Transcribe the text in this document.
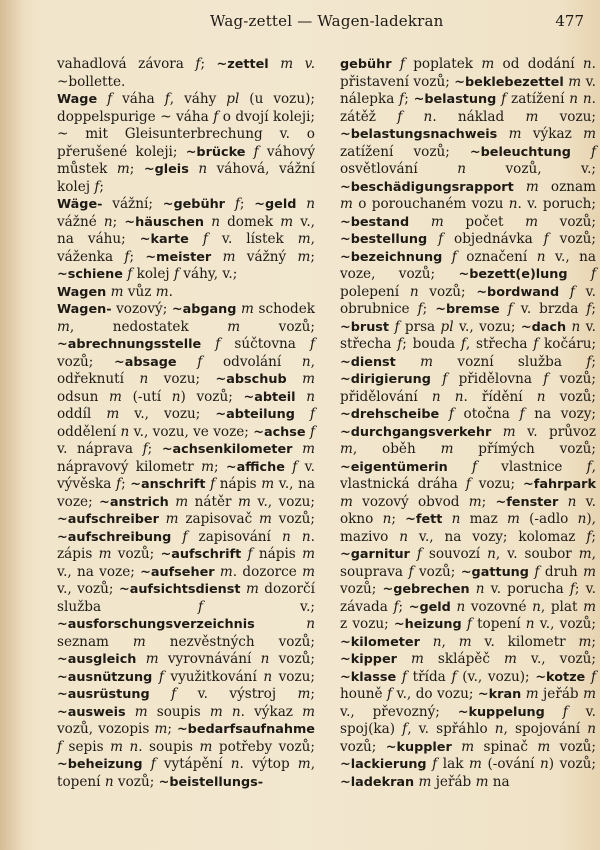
Wag-zettel — Wagen-ladekran	477

vahadlová závora f; ~zettel m v. ~bollette.

Wage f váha f, váhy pl (u vozu); doppelspurige ~ váha f o dvojí koleji; ~ mit Gleisunterbrechung v. o přerušené koleji; ~brücke f váhový můstek m; ~gleis n váhová, vážní kolej f;

Wäge- vážní; ~gebühr f; ~geld n vážné n; ~häuschen n domek m v., na váhu; ~karte f v. lístek m, váženka f; ~meister m vážný m; ~schiene f kolej f váhy, v.;

Wagen m vůz m.

Wagen- vozový; ~abgang m schodek m, nedostatek m vozů; ~abrechnungsstelle f súčtovna f vozů; ~absage f odvolání n, odřeknutí n vozu; ~abschub m odsun m (-utí n) vozů; ~abteil n oddíl m v., vozu; ~abteilung f oddělení n v., vozu, ve voze; ~achse f v. náprava f; ~achsenkilometer m nápravový kilometr m; ~affiche f v. vývěska f; ~anschrift f nápis m v., na voze; ~anstrich m nátěr m v., vozu; ~aufschreiber m zapisovač m vozů; ~aufschreibung f zapisování n n. zápis m vozů; ~aufschrift f nápis m v., na voze; ~aufseher m. dozorce m v., vozů; ~aufsichtsdienst m dozorčí služba f v.; ~ausforschungsverzeichnis	n seznam m nezvěstných vozů; ~ausgleich m vyrovnávání n vozů; ~ausnützung f využitkování n vozu; ~ausrüstung f v. výstroj m; ~ausweis m soupis m n. výkaz m vozů, vozopis m; ~bedarfsaufnahme f sepis m n. soupis m potřeby vozů; ~beheizung f vytápění n. výtop m, topení n vozů; ~beistellungs-

gebühr f poplatek m od dodání n. přistavení vozů; ~beklebezettel m v. nálepka f; ~belastung f zatížení n n. zátěž f n. náklad m vozu; ~belastungsnachweis m výkaz m zatížení vozů; ~beleuchtung f osvětlování n vozů, v.; ~beschädigungsrapport m oznam m o porouchaném vozu n. v. poruch; ~bestand m počet m vozů; ~bestellung f objednávka f vozů; ~bezeichnung f označení n v., na voze, vozů; ~bezett(e)lung f polepení n vozů; ~bordwand f v. obrubnice f; ~bremse f v. brzda f; ~brust f prsa pl v., vozu; ~dach n v. střecha f; bouda f, střecha f kočáru; ~dienst m vozní služba f; ~dirigierung f přidělovna f vozů; přidělování n n. řídění n vozů; ~drehscheibe f otočna f na vozy; ~durchgangsverkehr m v. průvoz m, oběh m přímých vozů; ~eigentümerin f vlastnice f, vlastnická dráha f vozu; ~fahrpark m vozový obvod m; ~fenster n v. okno n; ~fett n maz m (-adlo n), mazivo n v., na vozy; kolomaz f; ~garnitur f souvozí n, v. soubor m, souprava f vozů; ~gattung f druh m vozů; ~gebrechen n v. porucha f; v. závada f; ~geld n vozovné n, plat m z vozu; ~heizung f topení n v., vozů; ~kilometer n, m v. kilometr m; ~kipper m sklápěč m v., vozů; ~klasse f třída f (v., vozu); ~kotze f houně f v., do vozu; ~kran m jeřáb m v., převozný; ~kuppelung f v. spoj(ka) f, v. spřáhlo n, spojování n vozů; ~kuppler m spinač m vozů; ~lackierung f lak m (-ování n) vozů; ~ladekran m jeřáb m na
